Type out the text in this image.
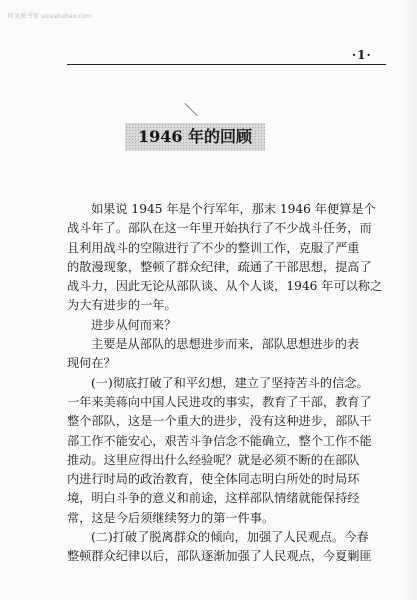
时光图书馆 siceshubao.com
·1·
＼
1946 年的回顾
如果说 1945 年是个行军年，那末 1946 年便算是个
战斗年了。部队在这一年里开始执行了不少战斗任务，而
且利用战斗的空隙进行了不少的整训工作，克服了严重
的散漫现象，整顿了群众纪律，疏通了干部思想，提高了
战斗力，因此无论从部队谈、从个人谈，1946 年可以称之
为大有进步的一年。
进步从何而来？
主要是从部队的思想进步而来，部队思想进步的表
现何在？
(一)彻底打破了和平幻想，建立了坚持苦斗的信念。
一年来美蒋向中国人民进攻的事实，教育了干部，教育了
整个部队，这是一个重大的进步，没有这种进步，部队干
部工作不能安心，艰苦斗争信念不能确立，整个工作不能
推动。这里应得出什么经验呢？就是必须不断的在部队
内进行时局的政治教育，使全体同志明白所处的时局环
境，明白斗争的意义和前途，这样部队情绪就能保持经
常，这是今后须继续努力的第一件事。
(二)打破了脱离群众的倾向，加强了人民观点。今春
整顿群众纪律以后，部队逐渐加强了人民观点，今夏剿匪
